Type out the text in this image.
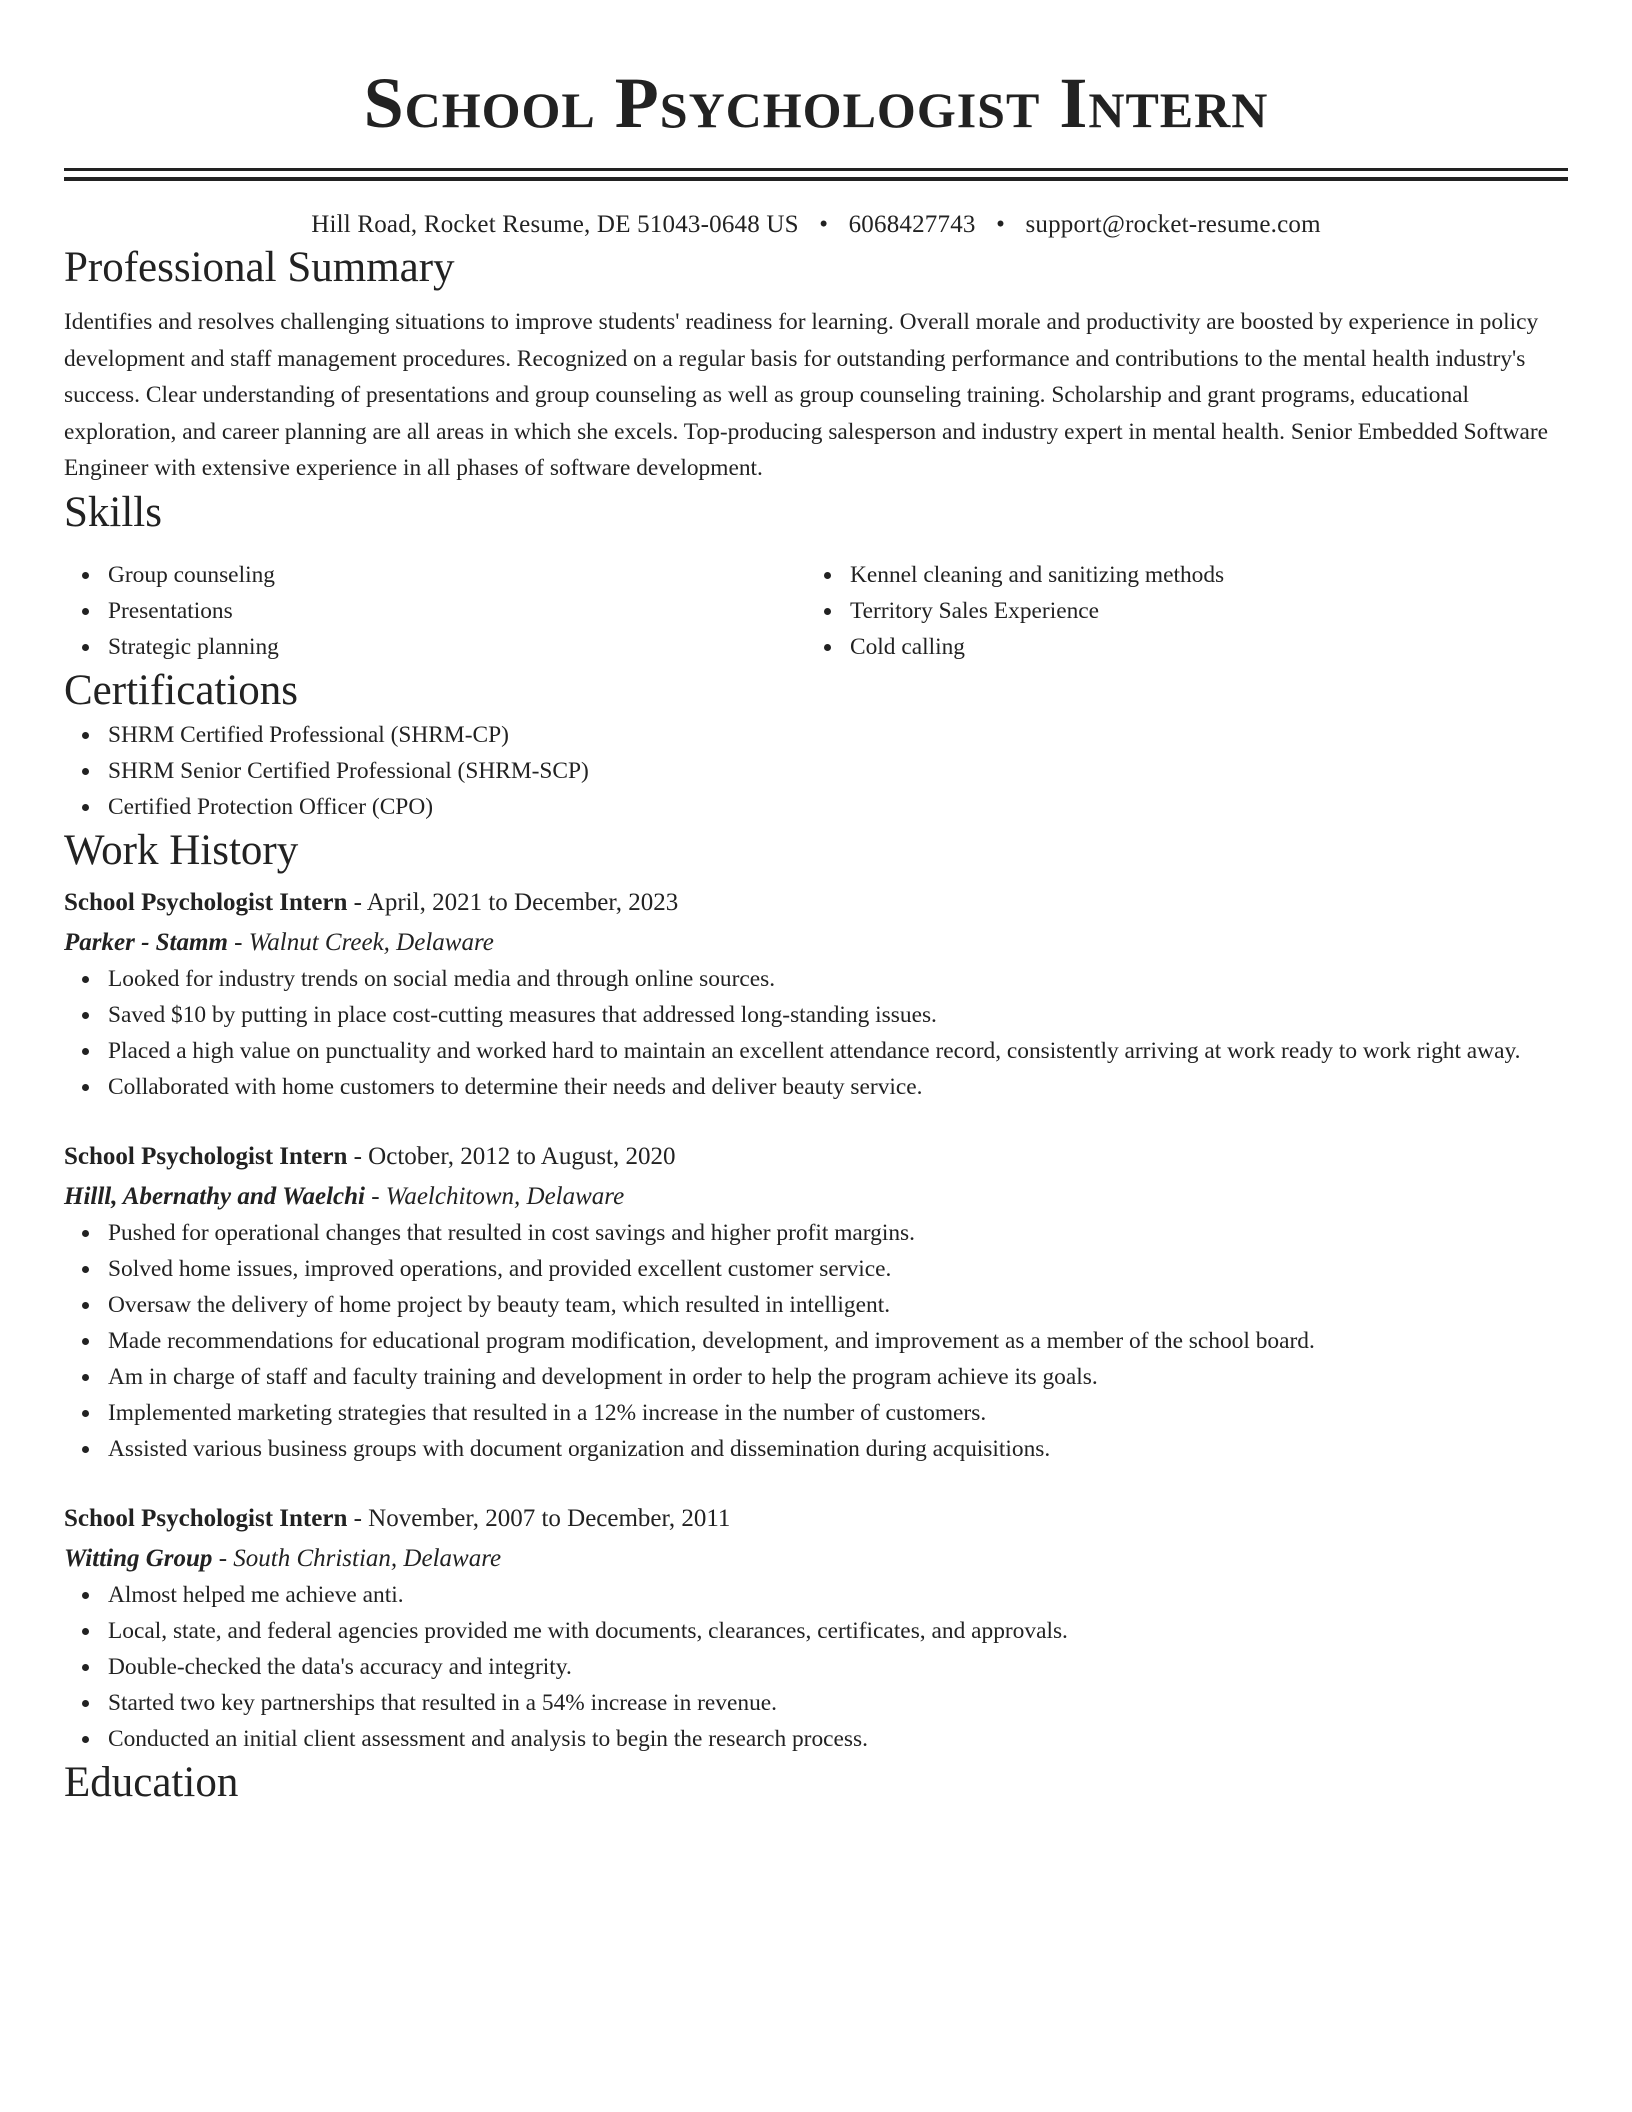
School Psychologist Intern
Hill Road, Rocket Resume, DE 51043-0648 US • 6068427743 • support@rocket-resume.com
Professional Summary

Identifies and resolves challenging situations to improve students' readiness for learning. Overall morale and productivity are boosted by experience in policy development and staff management procedures. Recognized on a regular basis for outstanding performance and contributions to the mental health industry's success. Clear understanding of presentations and group counseling as well as group counseling training. Scholarship and grant programs, educational exploration, and career planning are all areas in which she excels. Top-producing salesperson and industry expert in mental health. Senior Embedded Software Engineer with extensive experience in all phases of software development.

Skills
Group counseling
Presentations
Strategic planning
Kennel cleaning and sanitizing methods
Territory Sales Experience
Cold calling
Certifications
SHRM Certified Professional (SHRM-CP)
SHRM Senior Certified Professional (SHRM-SCP)
Certified Protection Officer (CPO)
Work History
School Psychologist Intern - April, 2021 to December, 2023
Parker - Stamm - Walnut Creek, Delaware
Looked for industry trends on social media and through online sources.
Saved $10 by putting in place cost-cutting measures that addressed long-standing issues.
Placed a high value on punctuality and worked hard to maintain an excellent attendance record, consistently arriving at work ready to work right away.
Collaborated with home customers to determine their needs and deliver beauty service.
School Psychologist Intern - October, 2012 to August, 2020
Hilll, Abernathy and Waelchi - Waelchitown, Delaware
Pushed for operational changes that resulted in cost savings and higher profit margins.
Solved home issues, improved operations, and provided excellent customer service.
Oversaw the delivery of home project by beauty team, which resulted in intelligent.
Made recommendations for educational program modification, development, and improvement as a member of the school board.
Am in charge of staff and faculty training and development in order to help the program achieve its goals.
Implemented marketing strategies that resulted in a 12% increase in the number of customers.
Assisted various business groups with document organization and dissemination during acquisitions.
School Psychologist Intern - November, 2007 to December, 2011
Witting Group - South Christian, Delaware
Almost helped me achieve anti.
Local, state, and federal agencies provided me with documents, clearances, certificates, and approvals.
Double-checked the data's accuracy and integrity.
Started two key partnerships that resulted in a 54% increase in revenue.
Conducted an initial client assessment and analysis to begin the research process.
Education
